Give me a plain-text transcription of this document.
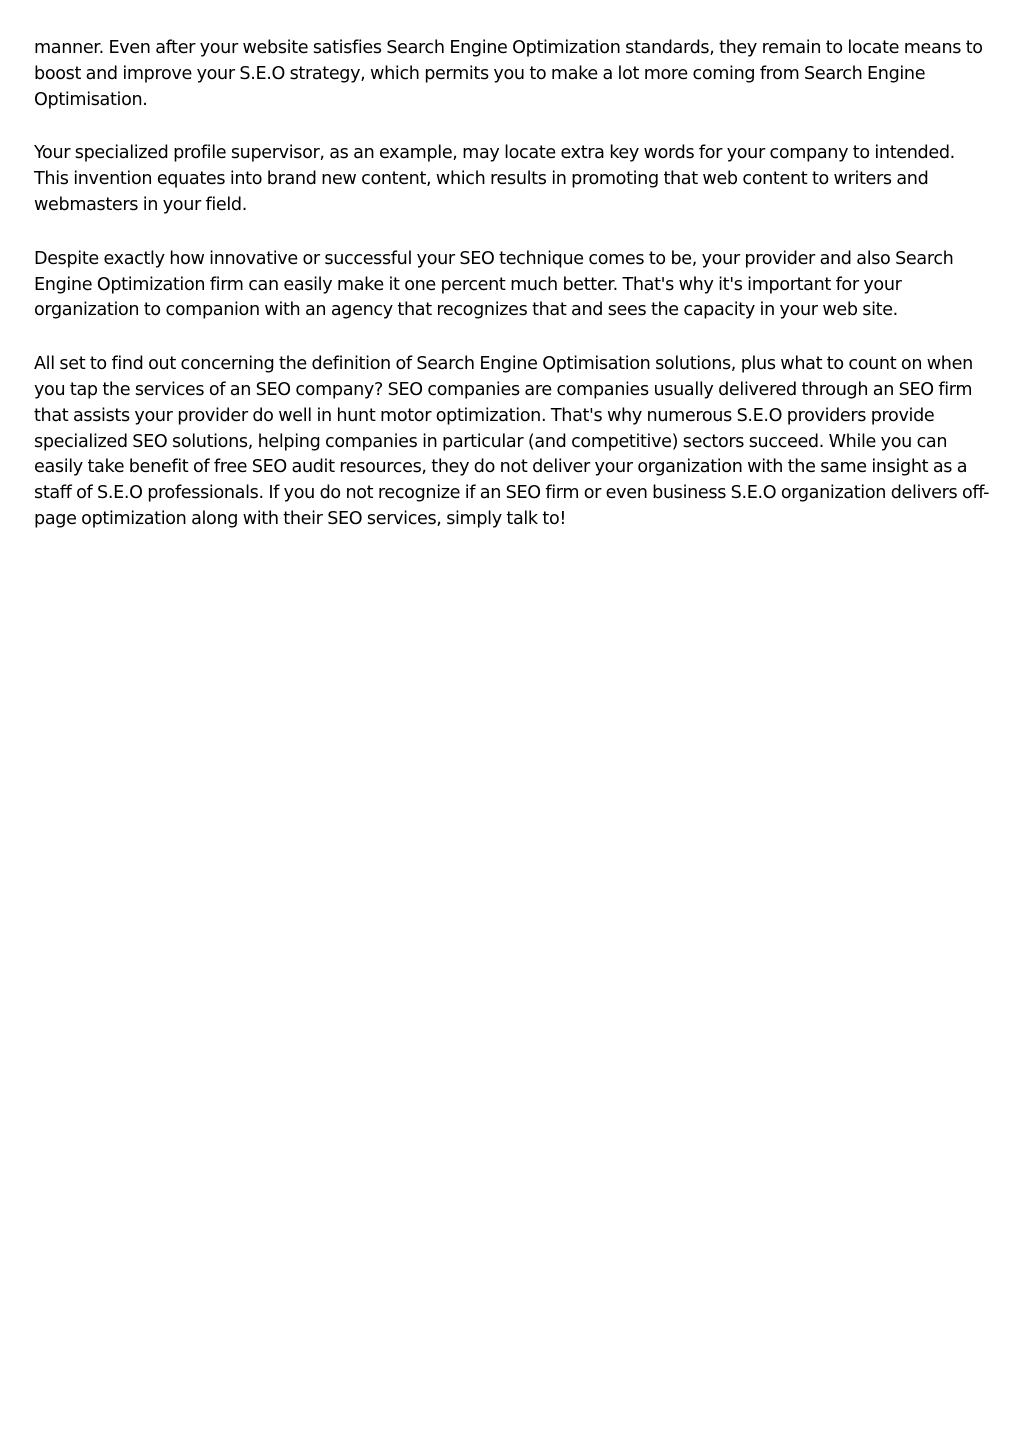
manner. Even after your website satisfies Search Engine Optimization standards, they remain to locate means to boost and improve your S.E.O strategy, which permits you to make a lot more coming from Search Engine Optimisation.

Your specialized profile supervisor, as an example, may locate extra key words for your company to intended. This invention equates into brand new content, which results in promoting that web content to writers and webmasters in your field.

Despite exactly how innovative or successful your SEO technique comes to be, your provider and also Search Engine Optimization firm can easily make it one percent much better. That's why it's important for your organization to companion with an agency that recognizes that and sees the capacity in your web site.

All set to find out concerning the definition of Search Engine Optimisation solutions, plus what to count on when you tap the services of an SEO company? SEO companies are companies usually delivered through an SEO firm that assists your provider do well in hunt motor optimization. That's why numerous S.E.O providers provide specialized SEO solutions, helping companies in particular (and competitive) sectors succeed. While you can easily take benefit of free SEO audit resources, they do not deliver your organization with the same insight as a staff of S.E.O professionals. If you do not recognize if an SEO firm or even business S.E.O organization delivers off-page optimization along with their SEO services, simply talk to!
